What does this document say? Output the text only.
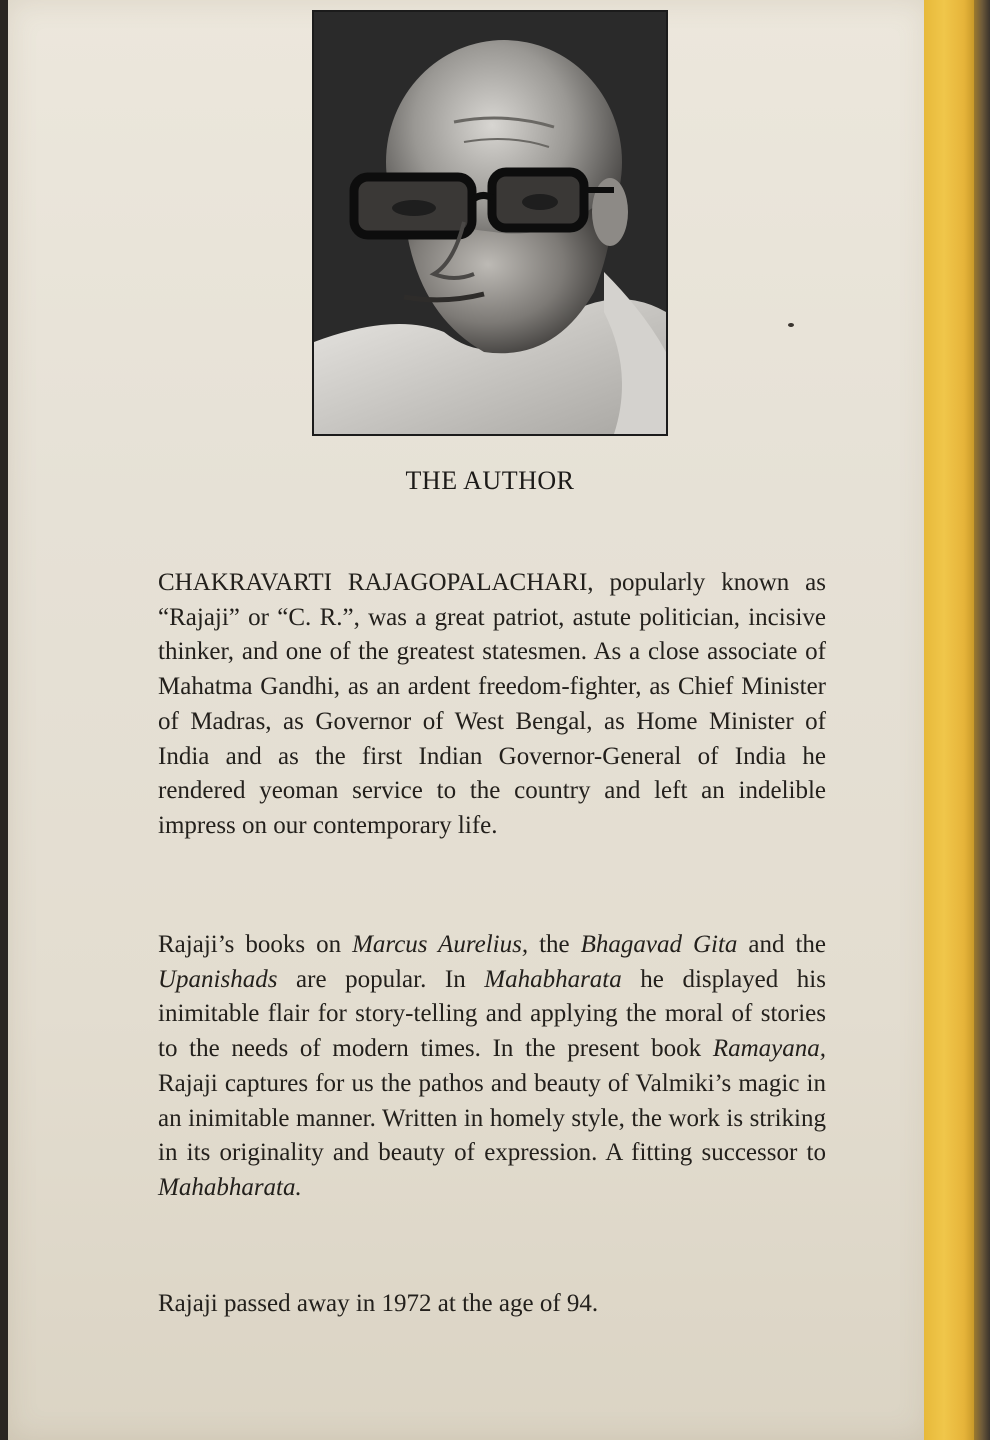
THE AUTHOR

CHAKRAVARTI RAJAGOPALACHARI, popularly known as “Rajaji” or “C. R.”, was a great patriot, astute politician, incisive thinker, and one of the greatest statesmen. As a close associate of Mahatma Gandhi, as an ardent freedom-fighter, as Chief Minister of Madras, as Governor of West Bengal, as Home Minister of India and as the first Indian Governor-General of India he rendered yeoman service to the country and left an indelible impress on our contemporary life.

Rajaji’s books on Marcus Aurelius, the Bhagavad Gita and the Upanishads are popular. In Mahabharata he displayed his inimitable flair for story-telling and applying the moral of stories to the needs of modern times. In the present book Ramayana, Rajaji captures for us the pathos and beauty of Valmiki’s magic in an inimitable manner. Written in homely style, the work is striking in its originality and beauty of expression. A fitting successor to Mahabharata.

Rajaji passed away in 1972 at the age of 94.
